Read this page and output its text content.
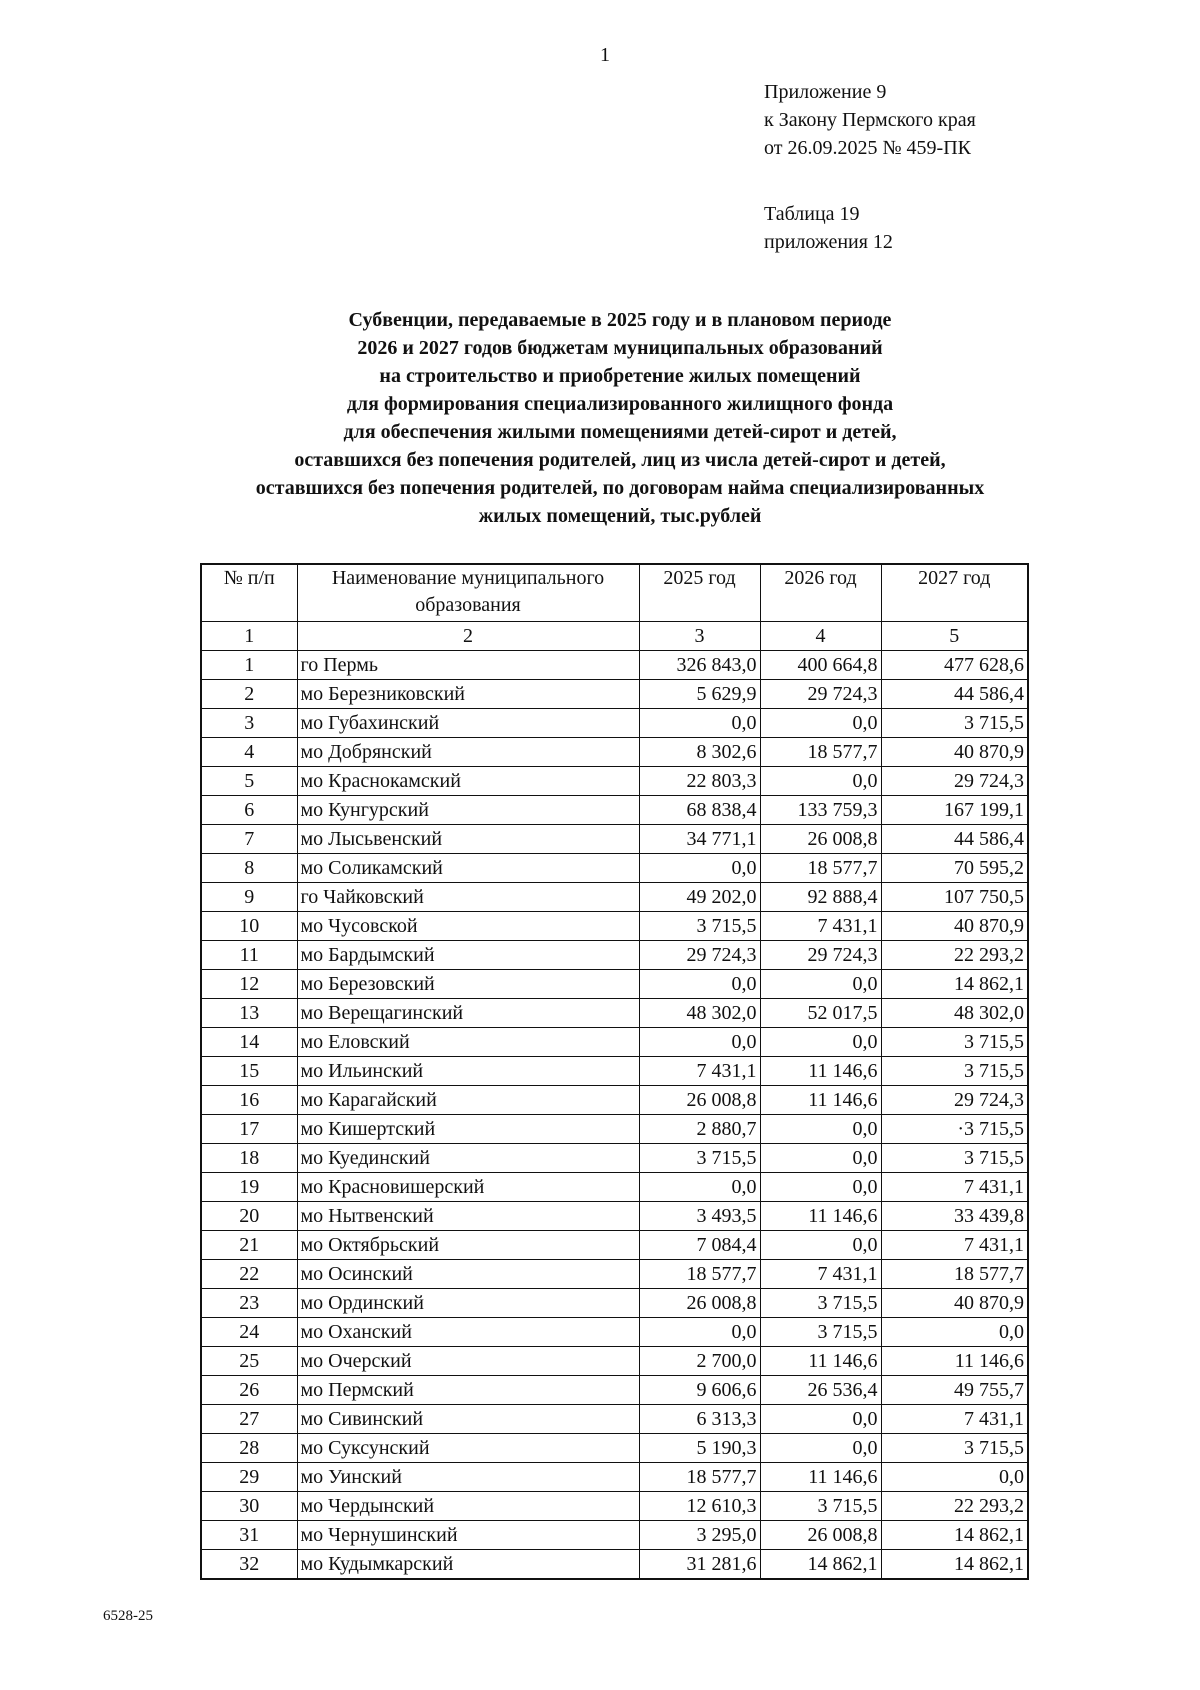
1
Приложение 9
к Закону Пермского края
от 26.09.2025 № 459-ПК
Таблица 19
приложения 12
Субвенции, передаваемые в 2025 году и в плановом периоде
2026 и 2027 годов бюджетам муниципальных образований
на строительство и приобретение жилых помещений
для формирования специализированного жилищного фонда
для обеспечения жилыми помещениями детей-сирот и детей,
оставшихся без попечения родителей, лиц из числа детей-сирот и детей,
оставшихся без попечения родителей, по договорам найма специализированных
жилых помещений, тыс.рублей
№ п/п	Наименование муниципального образования	2025 год	2026 год	2027 год
1	2	3	4	5
1	го Пермь	326 843,0	400 664,8	477 628,6
2	мо Березниковский	5 629,9	29 724,3	44 586,4
3	мо Губахинский	0,0	0,0	3 715,5
4	мо Добрянский	8 302,6	18 577,7	40 870,9
5	мо Краснокамский	22 803,3	0,0	29 724,3
6	мо Кунгурский	68 838,4	133 759,3	167 199,1
7	мо Лысьвенский	34 771,1	26 008,8	44 586,4
8	мо Соликамский	0,0	18 577,7	70 595,2
9	го Чайковский	49 202,0	92 888,4	107 750,5
10	мо Чусовской	3 715,5	7 431,1	40 870,9
11	мо Бардымский	29 724,3	29 724,3	22 293,2
12	мо Березовский	0,0	0,0	14 862,1
13	мо Верещагинский	48 302,0	52 017,5	48 302,0
14	мо Еловский	0,0	0,0	3 715,5
15	мо Ильинский	7 431,1	11 146,6	3 715,5
16	мо Карагайский	26 008,8	11 146,6	29 724,3
17	мо Кишертский	2 880,7	0,0	·3 715,5
18	мо Куединский	3 715,5	0,0	3 715,5
19	мо Красновишерский	0,0	0,0	7 431,1
20	мо Нытвенский	3 493,5	11 146,6	33 439,8
21	мо Октябрьский	7 084,4	0,0	7 431,1
22	мо Осинский	18 577,7	7 431,1	18 577,7
23	мо Ординский	26 008,8	3 715,5	40 870,9
24	мо Оханский	0,0	3 715,5	0,0
25	мо Очерский	2 700,0	11 146,6	11 146,6
26	мо Пермский	9 606,6	26 536,4	49 755,7
27	мо Сивинский	6 313,3	0,0	7 431,1
28	мо Суксунский	5 190,3	0,0	3 715,5
29	мо Уинский	18 577,7	11 146,6	0,0
30	мо Чердынский	12 610,3	3 715,5	22 293,2
31	мо Чернушинский	3 295,0	26 008,8	14 862,1
32	мо Кудымкарский	31 281,6	14 862,1	14 862,1
6528-25
